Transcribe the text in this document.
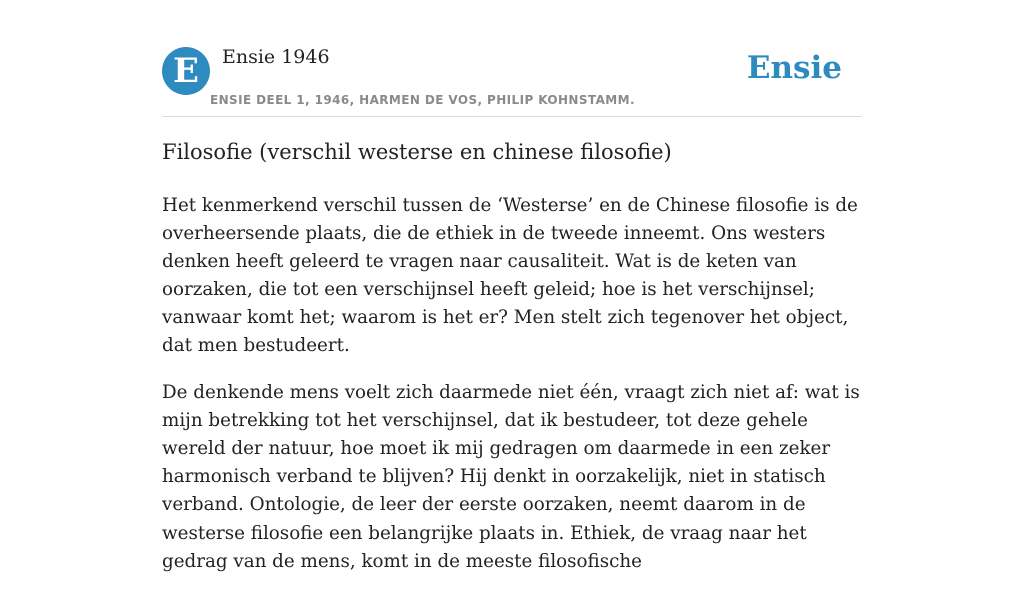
E	Ensie 1946
ENSIE DEEL 1, 1946, HARMEN DE VOS, PHILIP KOHNSTAMM.
Ensie
Filosofie (verschil westerse en chinese filosofie)

Het kenmerkend verschil tussen de ‘Westerse’ en de Chinese filosofie is de overheersende plaats, die de ethiek in de tweede inneemt. Ons westers denken heeft geleerd te vragen naar causaliteit. Wat is de keten van oorzaken, die tot een verschijnsel heeft geleid; hoe is het verschijnsel; vanwaar komt het; waarom is het er? Men stelt zich tegenover het object, dat men bestudeert.

De denkende mens voelt zich daarmede niet één, vraagt zich niet af: wat is mijn betrekking tot het verschijnsel, dat ik bestudeer, tot deze gehele wereld der natuur, hoe moet ik mij gedragen om daarmede in een zeker harmonisch verband te blijven? Hij denkt in oorzakelijk, niet in statisch verband. Ontologie, de leer der eerste oorzaken, neemt daarom in de westerse filosofie een belangrijke plaats in. Ethiek, de vraag naar het gedrag van de mens, komt in de meeste filosofische
